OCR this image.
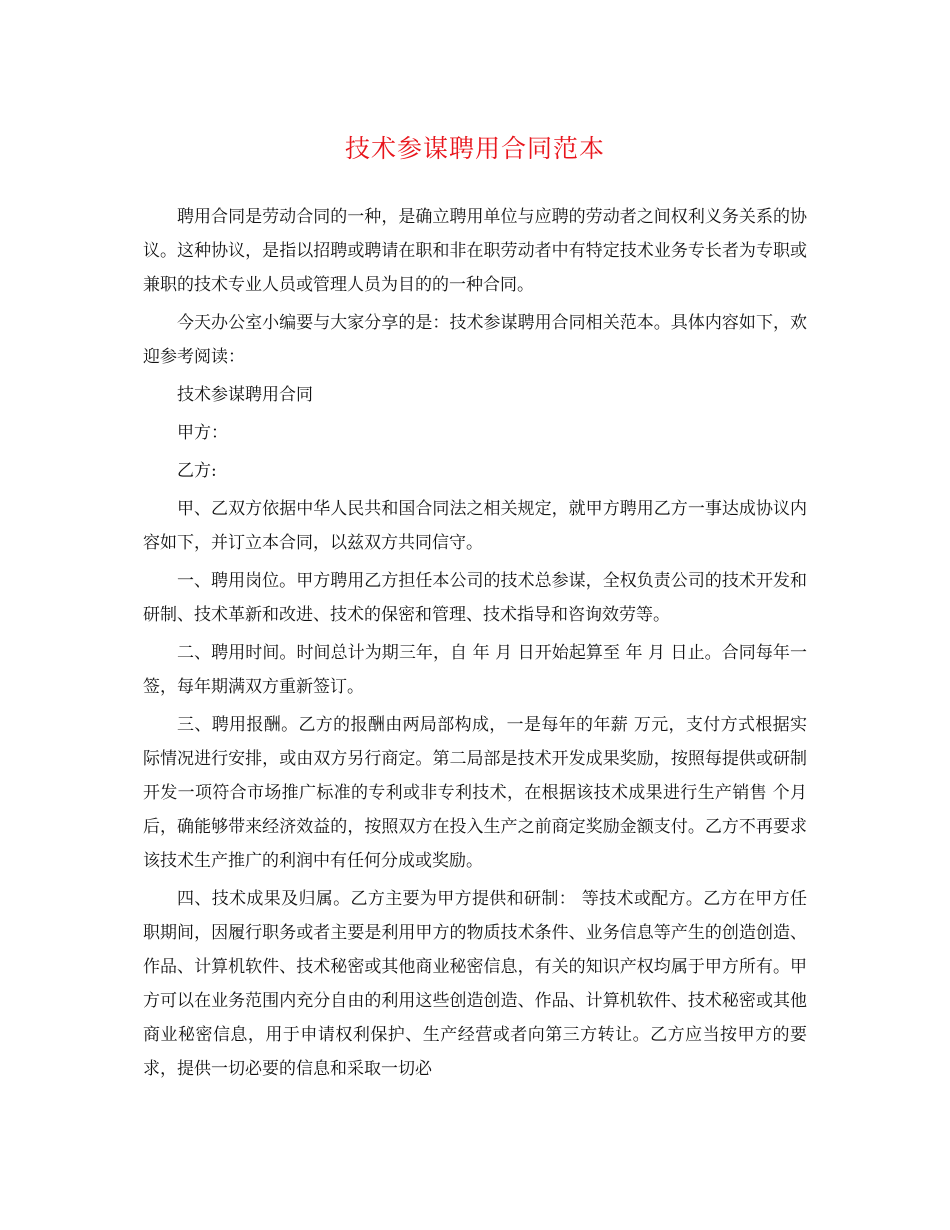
技术参谋聘用合同范本

聘用合同是劳动合同的一种，是确立聘用单位与应聘的劳动者之间权利义务关系的协议。这种协议，是指以招聘或聘请在职和非在职劳动者中有特定技术业务专长者为专职或兼职的技术专业人员或管理人员为目的的一种合同。

今天办公室小编要与大家分享的是：技术参谋聘用合同相关范本。具体内容如下，欢迎参考阅读：

技术参谋聘用合同

甲方：

乙方:

甲、乙双方依据中华人民共和国合同法之相关规定，就甲方聘用乙方一事达成协议内容如下，并订立本合同，以兹双方共同信守。

一、聘用岗位。甲方聘用乙方担任本公司的技术总参谋，全权负责公司的技术开发和研制、技术革新和改进、技术的保密和管理、技术指导和咨询效劳等。

二、聘用时间。时间总计为期三年，自 年 月 日开始起算至 年 月 日止。合同每年一签，每年期满双方重新签订。

三、聘用报酬。乙方的报酬由两局部构成，一是每年的年薪 万元，支付方式根据实际情况进行安排，或由双方另行商定。第二局部是技术开发成果奖励，按照每提供或研制开发一项符合市场推广标准的专利或非专利技术，在根据该技术成果进行生产销售 个月后，确能够带来经济效益的，按照双方在投入生产之前商定奖励金额支付。乙方不再要求该技术生产推广的利润中有任何分成或奖励。

四、技术成果及归属。乙方主要为甲方提供和研制： 等技术或配方。乙方在甲方任职期间，因履行职务或者主要是利用甲方的物质技术条件、业务信息等产生的创造创造、作品、计算机软件、技术秘密或其他商业秘密信息，有关的知识产权均属于甲方所有。甲方可以在业务范围内充分自由的利用这些创造创造、作品、计算机软件、技术秘密或其他商业秘密信息，用于申请权利保护、生产经营或者向第三方转让。乙方应当按甲方的要求，提供一切必要的信息和采取一切必
